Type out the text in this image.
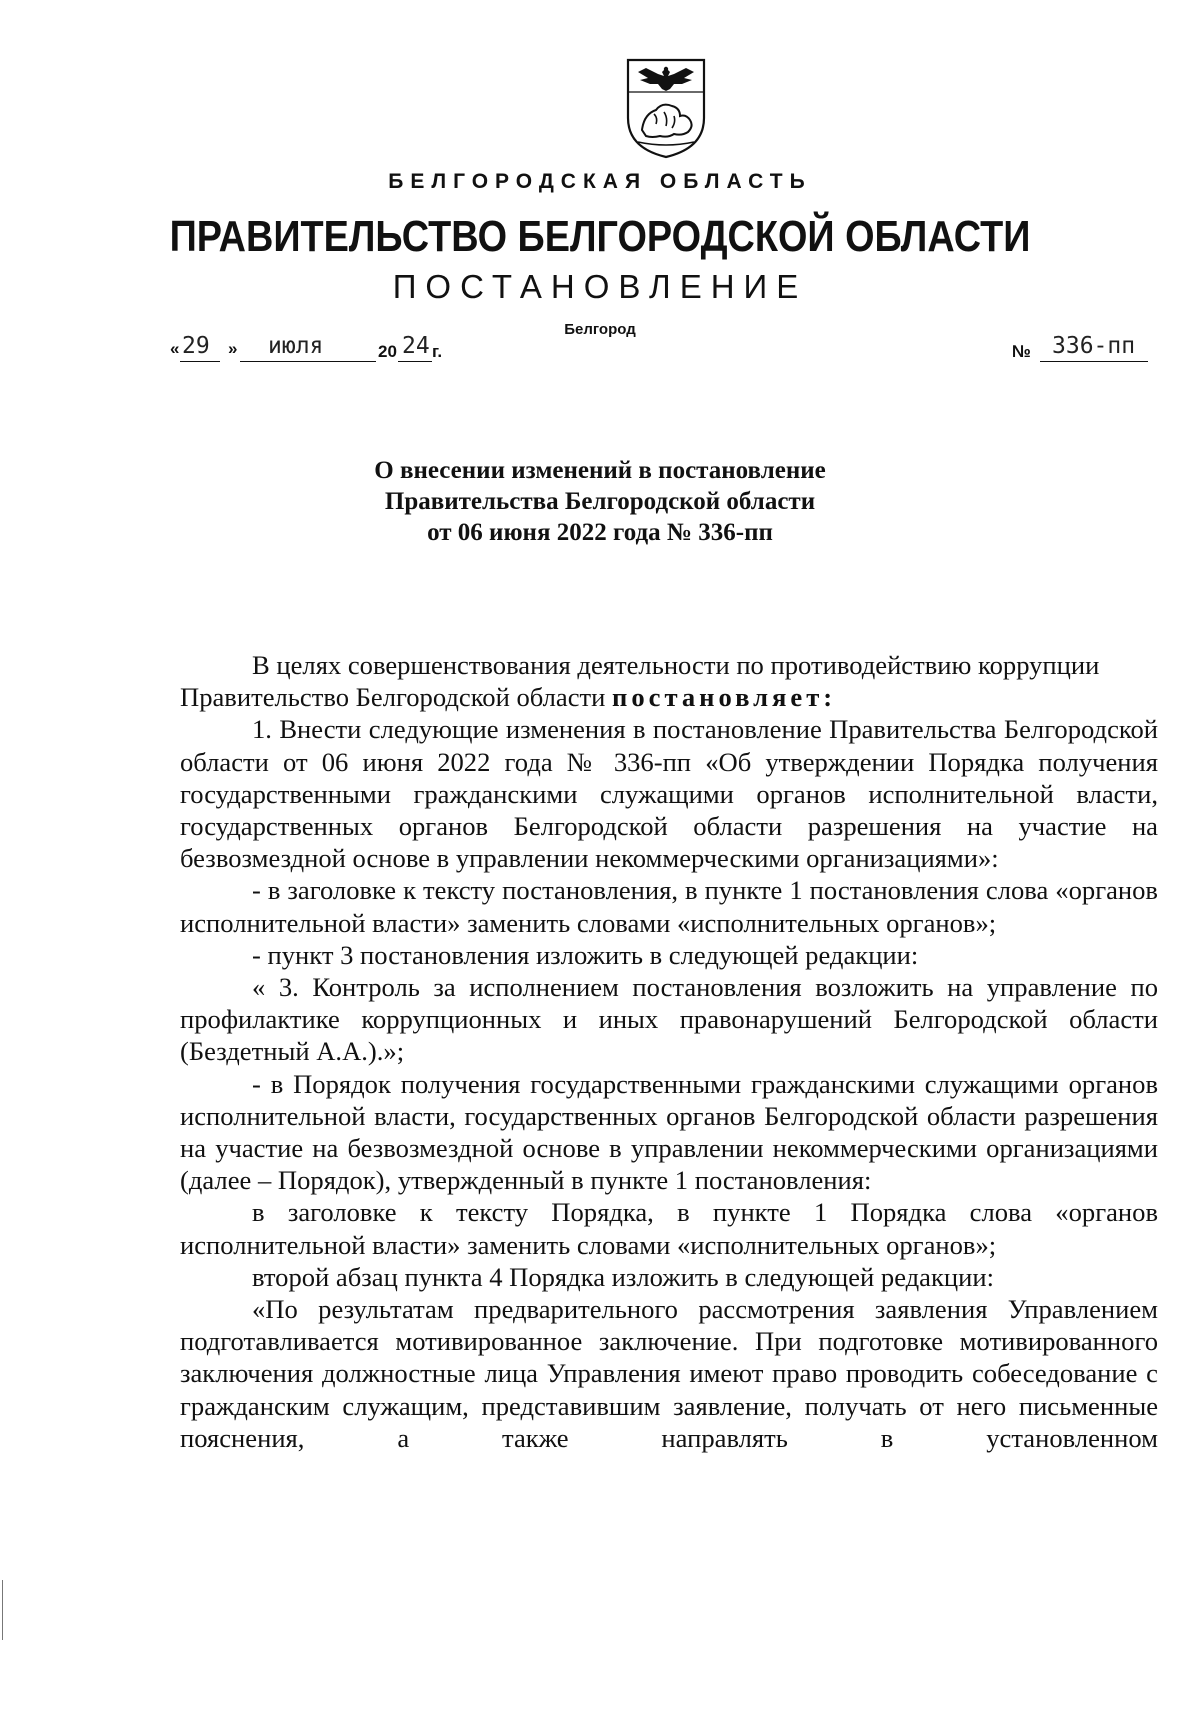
БЕЛГОРОДСКАЯ ОБЛАСТЬ
ПРАВИТЕЛЬСТВО БЕЛГОРОДСКОЙ ОБЛАСТИ
ПОСТАНОВЛЕНИЕ
Белгород
« 29 » июля	20 24 г.	№ 336-пп
О внесении изменений в постановление
Правительства Белгородской области
от 06 июня 2022 года № 336-пп

В целях совершенствования деятельности по противодействию коррупции

Правительство Белгородской области постановляет:

1. Внести следующие изменения в постановление Правительства Белгородской области от 06 июня 2022 года № 336-пп «Об утверждении Порядка получения государственными гражданскими служащими органов исполнительной власти, государственных органов Белгородской области разрешения на участие на безвозмездной основе в управлении некоммерческими организациями»:

- в заголовке к тексту постановления, в пункте 1 постановления слова «органов исполнительной власти» заменить словами «исполнительных органов»;

- пункт 3 постановления изложить в следующей редакции:

« 3. Контроль за исполнением постановления возложить на управление по профилактике коррупционных и иных правонарушений Белгородской области (Бездетный А.А.).»;

- в Порядок получения государственными гражданскими служащими органов исполнительной власти, государственных органов Белгородской области разрешения на участие на безвозмездной основе в управлении некоммерческими организациями (далее – Порядок), утвержденный в пункте 1 постановления:

в заголовке к тексту Порядка, в пункте 1 Порядка слова «органов исполнительной власти» заменить словами «исполнительных органов»;

второй абзац пункта 4 Порядка изложить в следующей редакции:

«По результатам предварительного рассмотрения заявления Управлением подготавливается мотивированное заключение. При подготовке мотивированного заключения должностные лица Управления имеют право проводить собеседование с гражданским служащим, представившим заявление, получать от него письменные пояснения, а также направлять в установленном
